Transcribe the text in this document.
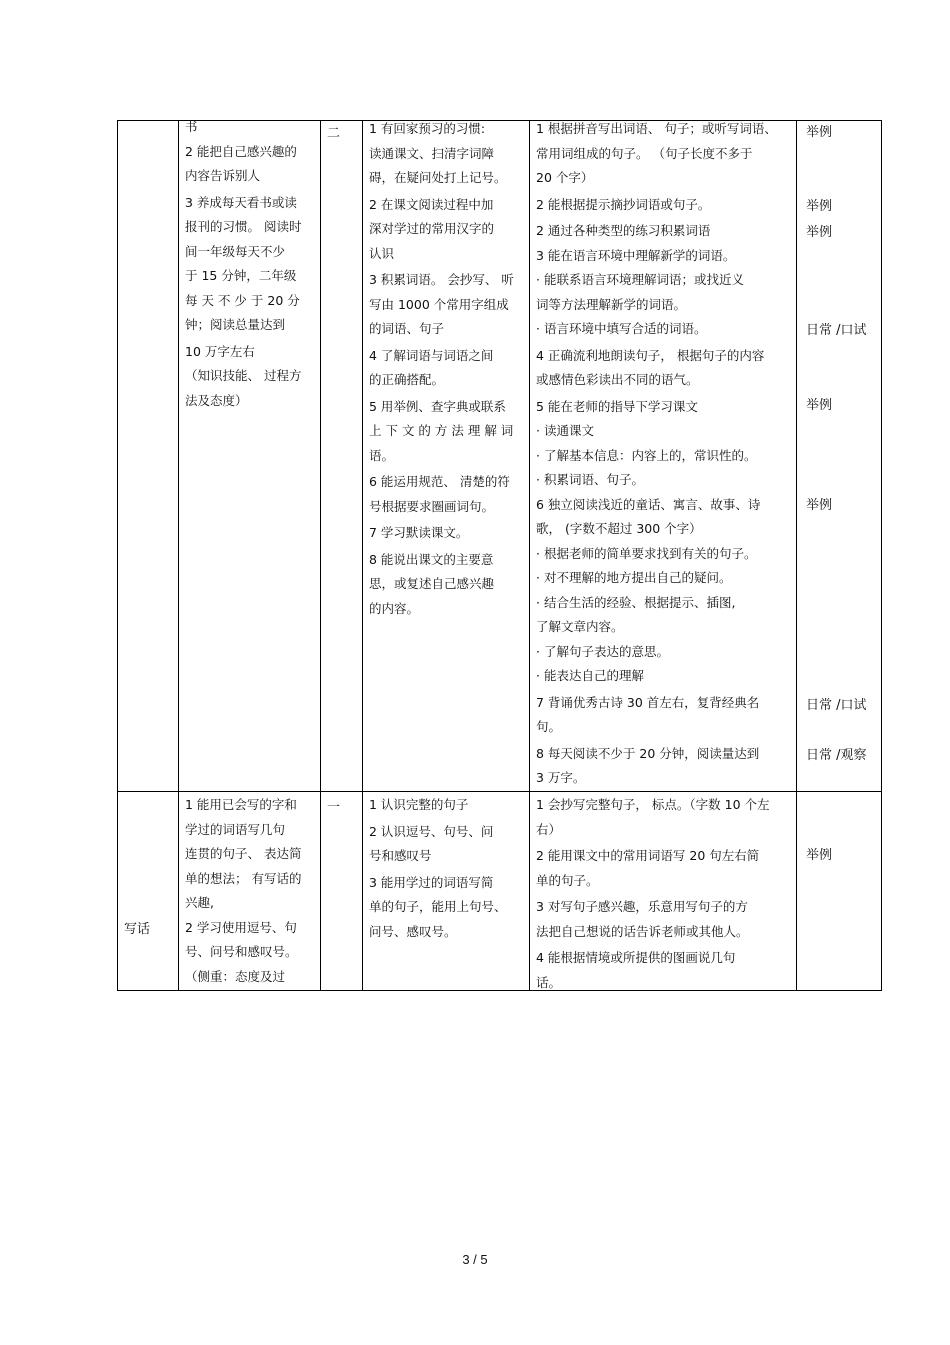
书
2 能把自己感兴趣的
内容告诉别人
3 养成每天看书或读
报刊的习惯。 阅读时
间一年级每天不少
于 15 分钟，二年级
每 天 不 少 于 20 分
钟；阅读总量达到
10 万字左右
（知识技能、 过程方
法及态度）
二 1 有回家预习的习惯:
读通课文、扫清字词障
碍，在疑问处打上记号。
2 在课文阅读过程中加
深对学过的常用汉字的
认识
3 积累词语。 会抄写、 听
写由 1000 个常用字组成
的词语、句子
4 了解词语与词语之间
的正确搭配。
5 用举例、查字典或联系
上 下 文 的 方 法 理 解 词
语。
6 能运用规范、 清楚的符
号根据要求圈画词句。
7 学习默读课文。
8 能说出课文的主要意
思，或复述自己感兴趣
的内容。
1 根据拼音写出词语、 句子；或听写词语、
常用词组成的句子。 （句子长度不多于
20 个字）
2 能根据提示摘抄词语或句子。
2 通过各种类型的练习积累词语
3 能在语言环境中理解新学的词语。
· 能联系语言环境理解词语；或找近义
词等方法理解新学的词语。
· 语言环境中填写合适的词语。
4 正确流利地朗读句子， 根据句子的内容
或感情色彩读出不同的语气。
5 能在老师的指导下学习课文
· 读通课文
· 了解基本信息：内容上的，常识性的。
· 积累词语、句子。
6 独立阅读浅近的童话、寓言、故事、诗
歌， (字数不超过 300 个字）
· 根据老师的简单要求找到有关的句子。
· 对不理解的地方提出自己的疑问。
· 结合生活的经验、根据提示、插图,
了解文章内容。
· 了解句子表达的意思。
· 能表达自己的理解
7 背诵优秀古诗 30 首左右，复背经典名
句。
8 每天阅读不少于 20 分钟，阅读量达到
3 万字。
举例
举例
举例
日常 /口试
举例
举例
日常 /口试
日常 /观察
写话
1 能用已会写的字和
学过的词语写几句
连贯的句子、 表达简
单的想法； 有写话的
兴趣,
2 学习使用逗号、句
号、问号和感叹号。
（侧重：态度及过
一 1 认识完整的句子
2 认识逗号、句号、问
号和感叹号
3 能用学过的词语写简
单的句子，能用上句号、
问号、感叹号。
1 会抄写完整句子， 标点。（字数 10 个左
右）
2 能用课文中的常用词语写 20 句左右简
单的句子。
3 对写句子感兴趣，乐意用写句子的方
法把自己想说的话告诉老师或其他人。
4 能根据情境或所提供的图画说几句
话。
举例
3 / 5
